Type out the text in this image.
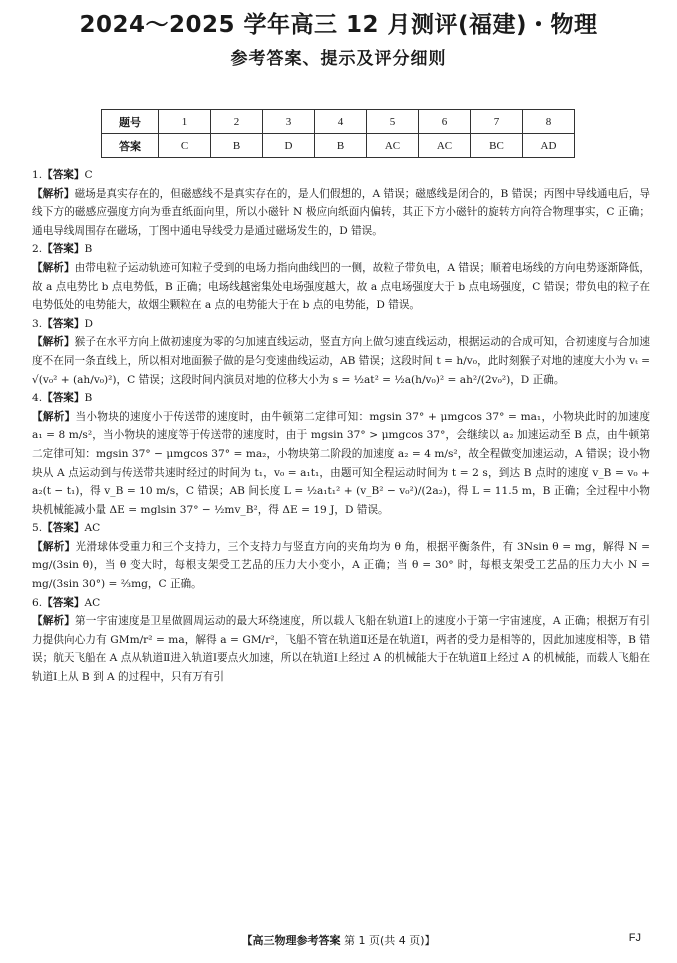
2024～2025 学年高三 12 月测评(福建)・物理
参考答案、提示及评分细则
题号	1	2	3	4	5	6	7	8
答案	C	B	D	B	AC	AC	BC	AD

1.【答案】C

【解析】磁场是真实存在的，但磁感线不是真实存在的，是人们假想的，A 错误；磁感线是闭合的，B 错误；丙图中导线通电后，导线下方的磁感应强度方向为垂直纸面向里，所以小磁针 N 极应向纸面内偏转，其正下方小磁针的旋转方向符合物理事实，C 正确；通电导线周围存在磁场，丁图中通电导线受力是通过磁场发生的，D 错误。

2.【答案】B

【解析】由带电粒子运动轨迹可知粒子受到的电场力指向曲线凹的一侧，故粒子带负电，A 错误；顺着电场线的方向电势逐渐降低，故 a 点电势比 b 点电势低，B 正确；电场线越密集处电场强度越大，故 a 点电场强度大于 b 点电场强度，C 错误；带负电的粒子在电势低处的电势能大，故烟尘颗粒在 a 点的电势能大于在 b 点的电势能，D 错误。

3.【答案】D

【解析】猴子在水平方向上做初速度为零的匀加速直线运动，竖直方向上做匀速直线运动，根据运动的合成可知，合初速度与合加速度不在同一条直线上，所以相对地面猴子做的是匀变速曲线运动，AB 错误；这段时间 t = h/v₀，此时刻猴子对地的速度大小为 vₜ = √(v₀² + (ah/v₀)²)，C 错误；这段时间内演员对地的位移大小为 s = ½at² = ½a(h/v₀)² = ah²/(2v₀²)，D 正确。

4.【答案】B

【解析】当小物块的速度小于传送带的速度时，由牛顿第二定律可知：mgsin 37° + μmgcos 37° = ma₁，小物块此时的加速度 a₁ = 8 m/s²，当小物块的速度等于传送带的速度时，由于 mgsin 37° > μmgcos 37°，会继续以 a₂ 加速运动至 B 点，由牛顿第二定律可知：mgsin 37° − μmgcos 37° = ma₂，小物块第二阶段的加速度 a₂ = 4 m/s²，故全程做变加速运动，A 错误；设小物块从 A 点运动到与传送带共速时经过的时间为 t₁，v₀ = a₁t₁，由题可知全程运动时间为 t = 2 s，到达 B 点时的速度 v_B = v₀ + a₂(t − t₁)，得 v_B = 10 m/s，C 错误；AB 间长度 L = ½a₁t₁² + (v_B² − v₀²)/(2a₂)，得 L = 11.5 m，B 正确；全过程中小物块机械能减小量 ΔE = mglsin 37° − ½mv_B²，得 ΔE = 19 J，D 错误。

5.【答案】AC

【解析】光滑球体受重力和三个支持力，三个支持力与竖直方向的夹角均为 θ 角，根据平衡条件，有 3Nsin θ = mg，解得 N = mg/(3sin θ)，当 θ 变大时，每根支架受工艺品的压力大小变小，A 正确；当 θ = 30° 时，每根支架受工艺品的压力大小 N = mg/(3sin 30°) = ⅔mg，C 正确。

6.【答案】AC

【解析】第一宇宙速度是卫星做圆周运动的最大环绕速度，所以载人飞船在轨道Ⅰ上的速度小于第一宇宙速度，A 正确；根据万有引力提供向心力有 GMm/r² = ma，解得 a = GM/r²，飞船不管在轨道Ⅱ还是在轨道Ⅰ，两者的受力是相等的，因此加速度相等，B 错误；航天飞船在 A 点从轨道Ⅱ进入轨道Ⅰ要点火加速，所以在轨道Ⅰ上经过 A 的机械能大于在轨道Ⅱ上经过 A 的机械能，而载人飞船在轨道Ⅰ上从 B 到 A 的过程中，只有万有引

【高三物理参考答案 第 1 页(共 4 页)】	FJ
